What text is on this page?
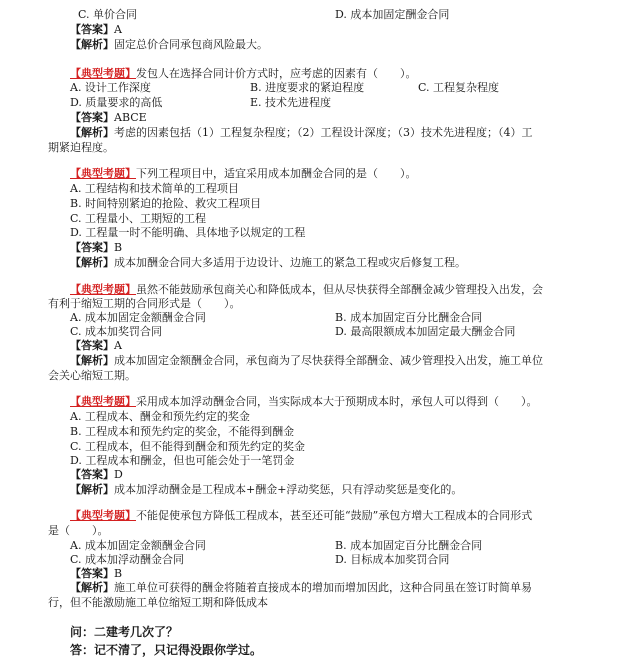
C. 单价合同	D. 成本加固定酬金合同
【答案】A
【解析】固定总价合同承包商风险最大。
【典型考题】发包人在选择合同计价方式时，应考虑的因素有（　　）。
A. 设计工作深度	B. 进度要求的紧迫程度	C. 工程复杂程度
D. 质量要求的高低	E. 技术先进程度
【答案】ABCE
【解析】考虑的因素包括（1）工程复杂程度；（2）工程设计深度；（3）技术先进程度；（4）工
期紧迫程度。
【典型考题】下列工程项目中，适宜采用成本加酬金合同的是（　　）。
A. 工程结构和技术简单的工程项目
B. 时间特别紧迫的抢险、救灾工程项目
C. 工程量小、工期短的工程
D. 工程量一时不能明确、具体地予以规定的工程
【答案】B
【解析】成本加酬金合同大多适用于边设计、边施工的紧急工程或灾后修复工程。
【典型考题】虽然不能鼓励承包商关心和降低成本，但从尽快获得全部酬金减少管理投入出发，会
有利于缩短工期的合同形式是（　　）。
A. 成本加固定金额酬金合同	B. 成本加固定百分比酬金合同
C. 成本加奖罚合同	D. 最高限额成本加固定最大酬金合同
【答案】A
【解析】成本加固定金额酬金合同，承包商为了尽快获得全部酬金、减少管理投入出发，施工单位
会关心缩短工期。
【典型考题】采用成本加浮动酬金合同，当实际成本大于预期成本时，承包人可以得到（　　）。
A. 工程成本、酬金和预先约定的奖金
B. 工程成本和预先约定的奖金，不能得到酬金
C. 工程成本，但不能得到酬金和预先约定的奖金
D. 工程成本和酬金，但也可能会处于一笔罚金
【答案】D
【解析】成本加浮动酬金是工程成本+酬金+浮动奖惩，只有浮动奖惩是变化的。
【典型考题】不能促使承包方降低工程成本，甚至还可能“鼓励”承包方增大工程成本的合同形式
是（　　）。
A. 成本加固定金额酬金合同	B. 成本加固定百分比酬金合同
C. 成本加浮动酬金合同	D. 目标成本加奖罚合同
【答案】B
【解析】施工单位可获得的酬金将随着直接成本的增加而增加因此，这种合同虽在签订时简单易
行，但不能激励施工单位缩短工期和降低成本
问：二建考几次了？
答：记不清了，只记得没跟你学过。
